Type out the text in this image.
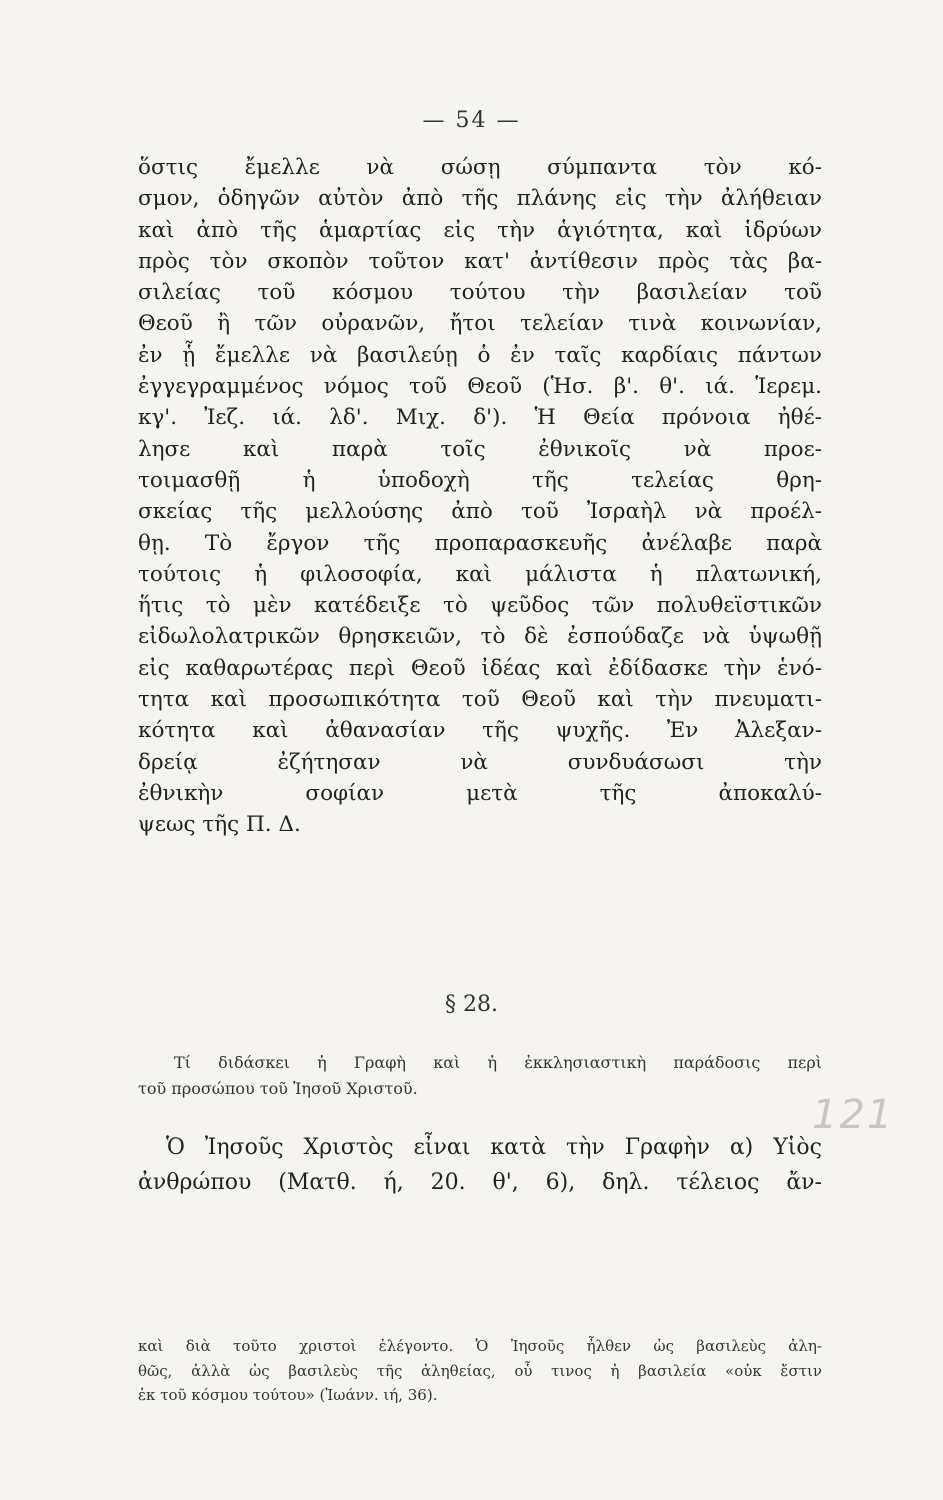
— 54 —
ὅστις ἔμελλε νὰ σώσῃ σύμπαντα τὸν κό-
σμον, ὁδηγῶν αὐτὸν ἀπὸ τῆς πλάνης εἰς τὴν ἀλήθειαν
καὶ ἀπὸ τῆς ἁμαρτίας εἰς τὴν ἁγιότητα, καὶ ἱδρύων
πρὸς τὸν σκοπὸν τοῦτον κατ' ἀντίθεσιν πρὸς τὰς βα-
σιλείας τοῦ κόσμου τούτου τὴν βασιλείαν τοῦ
Θεοῦ ἢ τῶν οὐρανῶν, ἤτοι τελείαν τινὰ κοινωνίαν,
ἐν ᾗ ἔμελλε νὰ βασιλεύῃ ὁ ἐν ταῖς καρδίαις πάντων
ἐγγεγραμμένος νόμος τοῦ Θεοῦ (Ἡσ. β'. θ'. ιά. Ἱερεμ.
κγ'. Ἰεζ. ιά. λδ'. Μιχ. δ'). Ἡ Θεία πρόνοια ἠθέ-
λησε καὶ παρὰ τοῖς ἐθνικοῖς νὰ προε-
τοιμασθῇ ἡ ὑποδοχὴ τῆς τελείας θρη-
σκείας τῆς μελλούσης ἀπὸ τοῦ Ἰσραὴλ νὰ προέλ-
θῃ. Τὸ ἔργον τῆς προπαρασκευῆς ἀνέλαβε παρὰ
τούτοις ἡ φιλοσοφία, καὶ μάλιστα ἡ πλατωνική,
ἥτις τὸ μὲν κατέδειξε τὸ ψεῦδος τῶν πολυθεϊστικῶν
εἰδωλολατρικῶν θρησκειῶν, τὸ δὲ ἐσπούδαζε νὰ ὑψωθῇ
εἰς καθαρωτέρας περὶ Θεοῦ ἰδέας καὶ ἐδίδασκε τὴν ἑνό-
τητα καὶ προσωπικότητα τοῦ Θεοῦ καὶ τὴν πνευματι-
κότητα καὶ ἀθανασίαν τῆς ψυχῆς. Ἐν Ἀλεξαν-
δρείᾳ ἐζήτησαν νὰ συνδυάσωσι τὴν
ἐθνικὴν σοφίαν μετὰ τῆς ἀποκαλύ-
ψεως τῆς Π. Δ.
§ 28.
Τί διδάσκει ἡ Γραφὴ καὶ ἡ ἐκκλησιαστικὴ παράδοσις περὶ
τοῦ προσώπου τοῦ Ἰησοῦ Χριστοῦ.
Ὁ Ἰησοῦς Χριστὸς εἶναι κατὰ τὴν Γραφὴν α) Υἱὸς
ἀνθρώπου (Ματθ. ή, 20. θ', 6), δηλ. τέλειος ἄν-
121
καὶ διὰ τοῦτο χριστοὶ ἐλέγοντο. Ὁ Ἰησοῦς ἦλθεν ὡς βασιλεὺς ἀλη-
θῶς, ἀλλὰ ὡς βασιλεὺς τῆς ἀληθείας, οὗ τινος ἡ βασιλεία «οὐκ ἔστιν
ἐκ τοῦ κόσμου τούτου» (Ἰωάνν. ιή, 36).
